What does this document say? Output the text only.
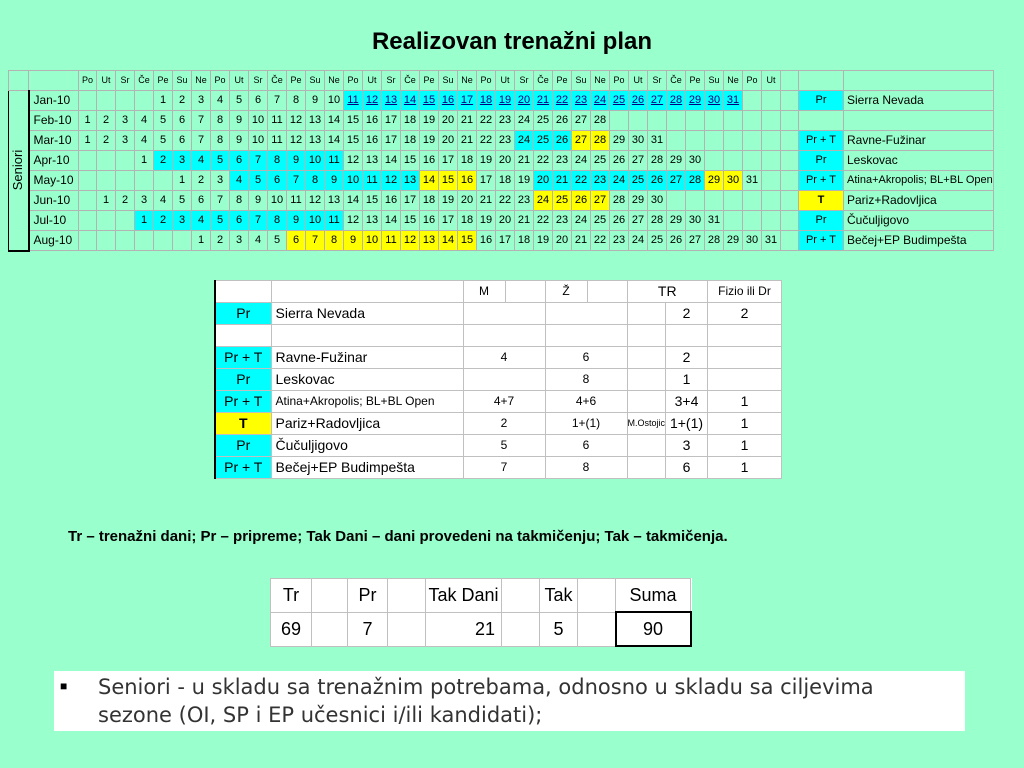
Realizovan trenažni plan
		Po	Ut	Sr	Če	Pe	Su	Ne	Po	Ut	Sr	Če	Pe	Su	Ne	Po	Ut	Sr	Če	Pe	Su	Ne	Po	Ut	Sr	Če	Pe	Su	Ne	Po	Ut	Sr	Če	Pe	Su	Ne	Po	Ut			

Seniori	Jan-10					1	2	3	4	5	6	7	8	9	10	11	12	13	14	15	16	17	18	19	20	21	22	23	24	25	26	27	28	29	30	31				Pr	Sierra Nevada
	Feb-10	1	2	3	4	5	6	7	8	9	10	11	12	13	14	15	16	17	18	19	20	21	22	23	24	25	26	27	28												
	Mar-10	1	2	3	4	5	6	7	8	9	10	11	12	13	14	15	16	17	18	19	20	21	22	23	24	25	26	27	28	29	30	31								Pr + T	Ravne-Fužinar
	Apr-10				1	2	3	4	5	6	7	8	9	10	11	12	13	14	15	16	17	18	19	20	21	22	23	24	25	26	27	28	29	30						Pr	Leskovac
	May-10						1	2	3	4	5	6	7	8	9	10	11	12	13	14	15	16	17	18	19	20	21	22	23	24	25	26	27	28	29	30	31			Pr + T	Atina+Akropolis; BL+BL Open
	Jun-10		1	2	3	4	5	6	7	8	9	10	11	12	13	14	15	16	17	18	19	20	21	22	23	24	25	26	27	28	29	30								T	Pariz+Radovljica
	Jul-10				1	2	3	4	5	6	7	8	9	10	11	12	13	14	15	16	17	18	19	20	21	22	23	24	25	26	27	28	29	30	31					Pr	Čučuljigovo
	Aug-10							1	2	3	4	5	6	7	8	9	10	11	12	13	14	15	16	17	18	19	20	21	22	23	24	25	26	27	28	29	30	31		Pr + T	Bečej+EP Budimpešta
		M		Ž		TR		Fizio ili Dr
Pr	Sierra Nevada						2	2

Pr + T	Ravne-Fužinar	4		6			2	
Pr	Leskovac			8			1	
Pr + T	Atina+Akropolis; BL+BL Open	4+7		4+6			3+4	1
T	Pariz+Radovljica	2		1+(1)		M.Ostojic	1+(1)	1
Pr	Čučuljigovo	5		6			3	1
Pr + T	Bečej+EP Budimpešta	7		8			6	1
Tr – trenažni dani; Pr – pripreme; Tak Dani – dani provedeni na takmičenju; Tak – takmičenja.
Tr		Pr		Tak Dani		Tak		Suma
69		7		21		5		90
■ Seniori - u skladu sa trenažnim potrebama, odnosno u skladu sa ciljevima
sezone (OI, SP i EP učesnici i/ili kandidati);
